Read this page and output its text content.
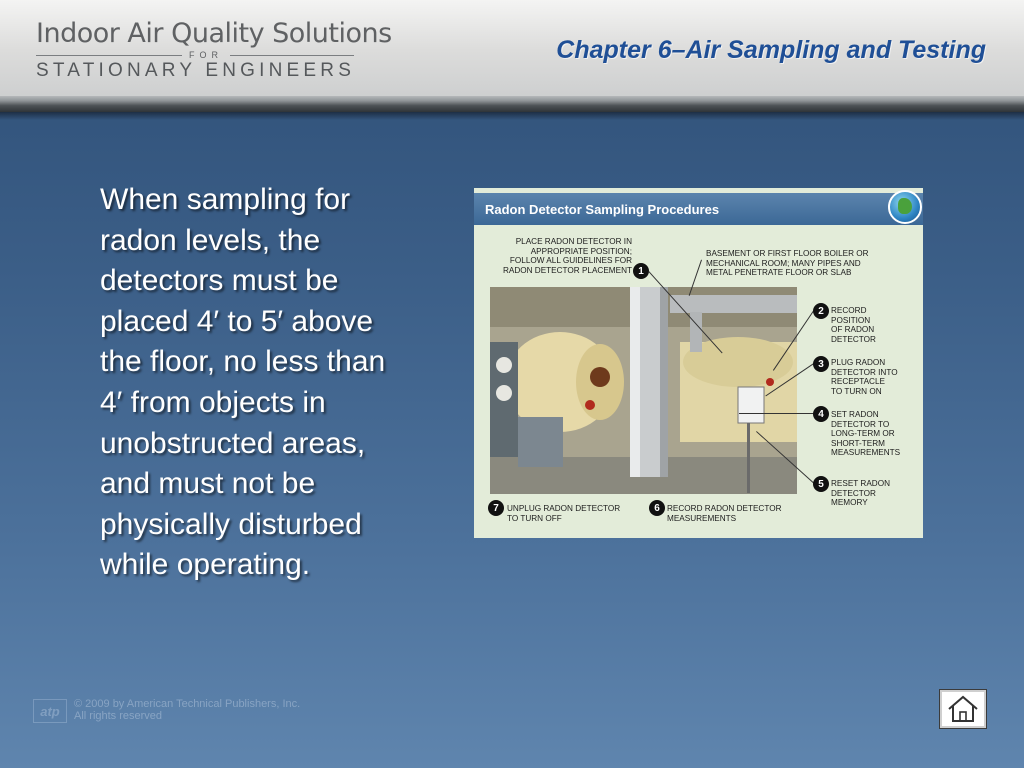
Indoor Air Quality Solutions
FOR
STATIONARY ENGINEERS
Chapter 6–Air Sampling and Testing
When sampling for
radon levels, the
detectors must be
placed 4′ to 5′ above
the floor, no less than
4′ from objects in
unobstructed areas,
and must not be
physically disturbed
while operating.
Radon Detector Sampling Procedures
PLACE RADON DETECTOR IN
APPROPRIATE POSITION;
FOLLOW ALL GUIDELINES FOR
RADON DETECTOR PLACEMENT 1
BASEMENT OR FIRST FLOOR BOILER OR
MECHANICAL ROOM; MANY PIPES AND
METAL PENETRATE FLOOR OR SLAB
2 RECORD
POSITION
OF RADON
DETECTOR
3 PLUG RADON
DETECTOR INTO
RECEPTACLE
TO TURN ON
4 SET RADON
DETECTOR TO
LONG-TERM OR
SHORT-TERM
MEASUREMENTS
5 RESET RADON
DETECTOR
MEMORY
6 RECORD RADON DETECTOR
MEASUREMENTS
7	UNPLUG RADON DETECTOR
TO TURN OFF
atp	© 2009 by American Technical Publishers, Inc.
All rights reserved
